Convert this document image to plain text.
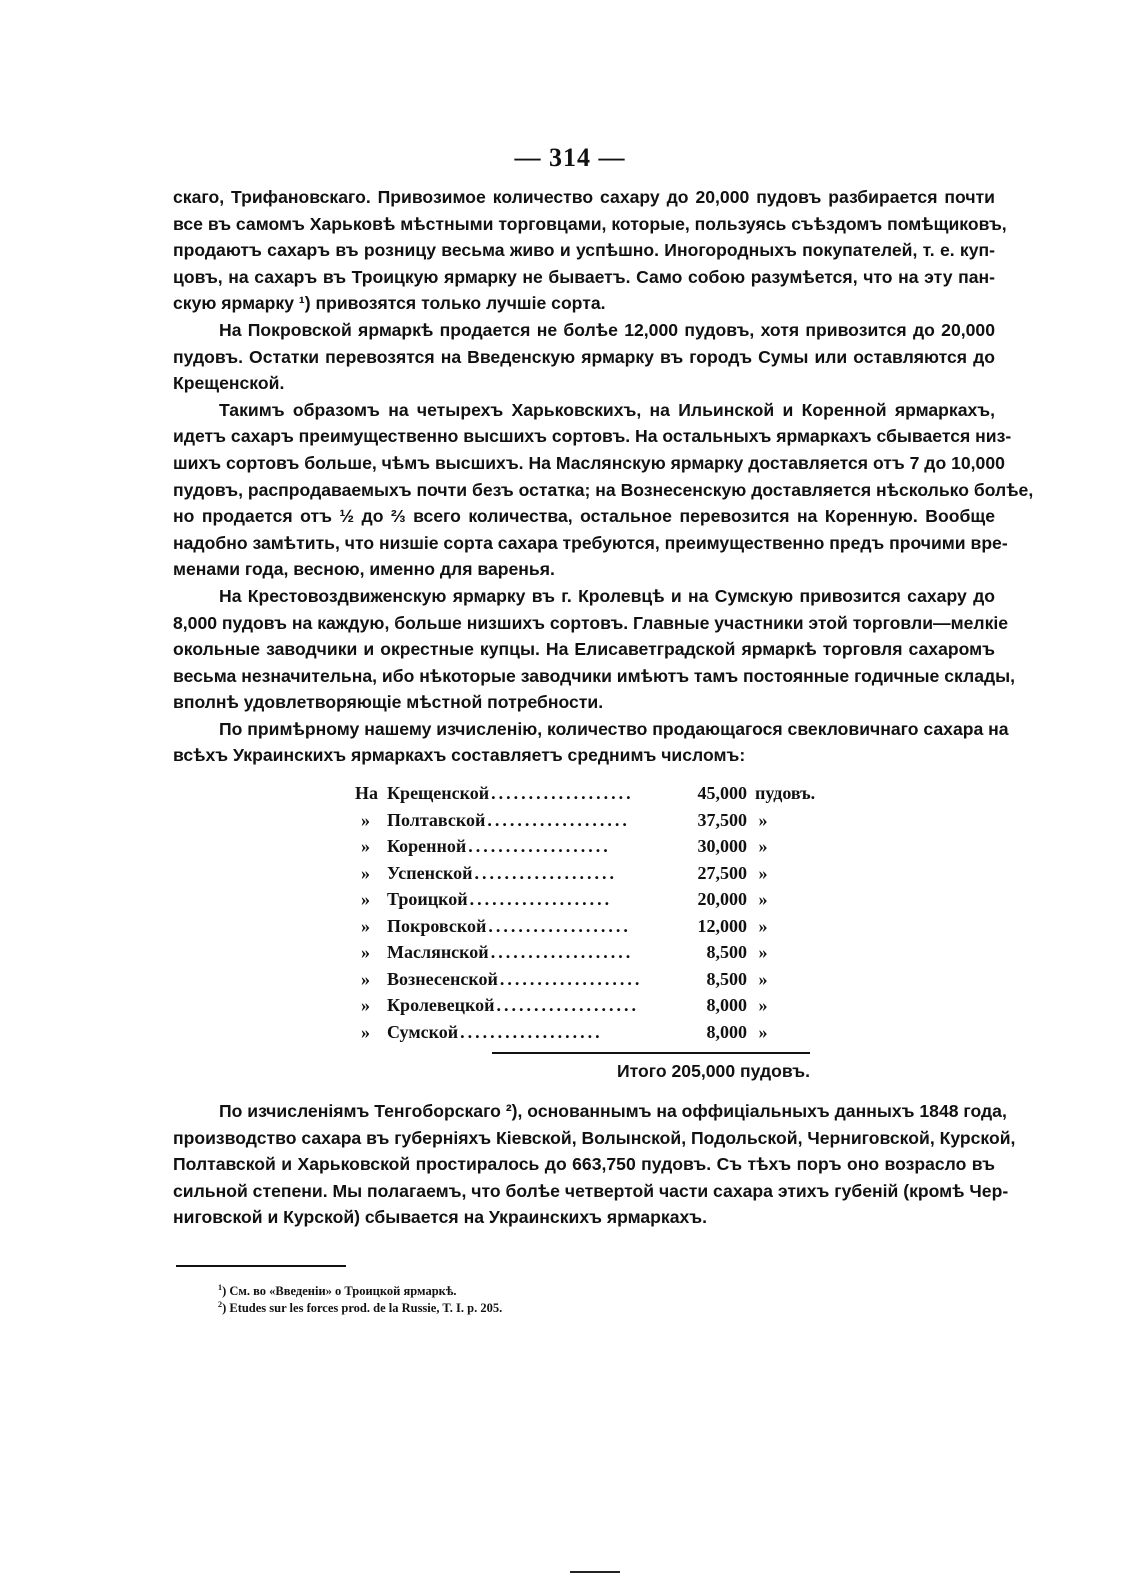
— 314 —
скаго, Трифановскаго. Привозимое количество сахару до 20,000 пудовъ разбирается почти
все въ самомъ Харьковѣ мѣстными торговцами, которые, пользуясь съѣздомъ помѣщиковъ,
продаютъ сахаръ въ розницу весьма живо и успѣшно. Иногородныхъ покупателей, т. е. куп-
цовъ, на сахаръ въ Троицкую ярмарку не бываетъ. Само собою разумѣется, что на эту пан-
скую ярмарку ¹) привозятся только лучшіе сорта.
На Покровской ярмаркѣ продается не болѣе 12,000 пудовъ, хотя привозится до 20,000
пудовъ. Остатки перевозятся на Введенскую ярмарку въ городъ Сумы или оставляются до
Крещенской.
Такимъ образомъ на четырехъ Харьковскихъ, на Ильинской и Коренной ярмаркахъ,
идетъ сахаръ преимущественно высшихъ сортовъ. На остальныхъ ярмаркахъ сбывается низ-
шихъ сортовъ больше, чѣмъ высшихъ. На Маслянскую ярмарку доставляется отъ 7 до 10,000
пудовъ, распродаваемыхъ почти безъ остатка; на Вознесенскую доставляется нѣсколько болѣе,
но продается отъ ½ до ⅔ всего количества, остальное перевозится на Коренную. Вообще
надобно замѣтить, что низшіе сорта сахара требуются, преимущественно предъ прочими вре-
менами года, весною, именно для варенья.
На Крестовоздвиженскую ярмарку въ г. Кролевцѣ и на Сумскую привозится сахару до
8,000 пудовъ на каждую, больше низшихъ сортовъ. Главные участники этой торговли—мелкіе
окольные заводчики и окрестные купцы. На Елисаветградской ярмаркѣ торговля сахаромъ
весьма незначительна, ибо нѣкоторые заводчики имѣютъ тамъ постоянные годичные склады,
вполнѣ удовлетворяющіе мѣстной потребности.
По примѣрному нашему изчисленію, количество продающагося свекловичнаго сахара на
всѣхъ Украинскихъ ярмаркахъ составляетъ среднимъ числомъ:
На Крещенской ...................	45,000 пудовъ.
» Полтавской ...................	37,500 »
» Коренной ...................	30,000 »
» Успенской ...................	27,500 »
» Троицкой ...................	20,000 »
» Покровской ...................	12,000 »
» Маслянской ...................	8,500 »
» Вознесенской ...................	8,500 »
» Кролевецкой ...................	8,000 »
» Сумской ...................	8,000 »
Итого 205,000 пудовъ.
По изчисленіямъ Тенгоборскаго ²), основаннымъ на оффиціальныхъ данныхъ 1848 года,
производство сахара въ губерніяхъ Кіевской, Волынской, Подольской, Черниговской, Курской,
Полтавской и Харьковской простиралось до 663,750 пудовъ. Съ тѣхъ поръ оно возрасло въ
сильной степени. Мы полагаемъ, что болѣе четвертой части сахара этихъ губеній (кромѣ Чер-
ниговской и Курской) сбывается на Украинскихъ ярмаркахъ.
$^1$) См. во «Введеніи» о Троицкой ярмаркѣ.
$^2$) Etudes sur les forces prod. de la Russie, T. I. p. 205.
